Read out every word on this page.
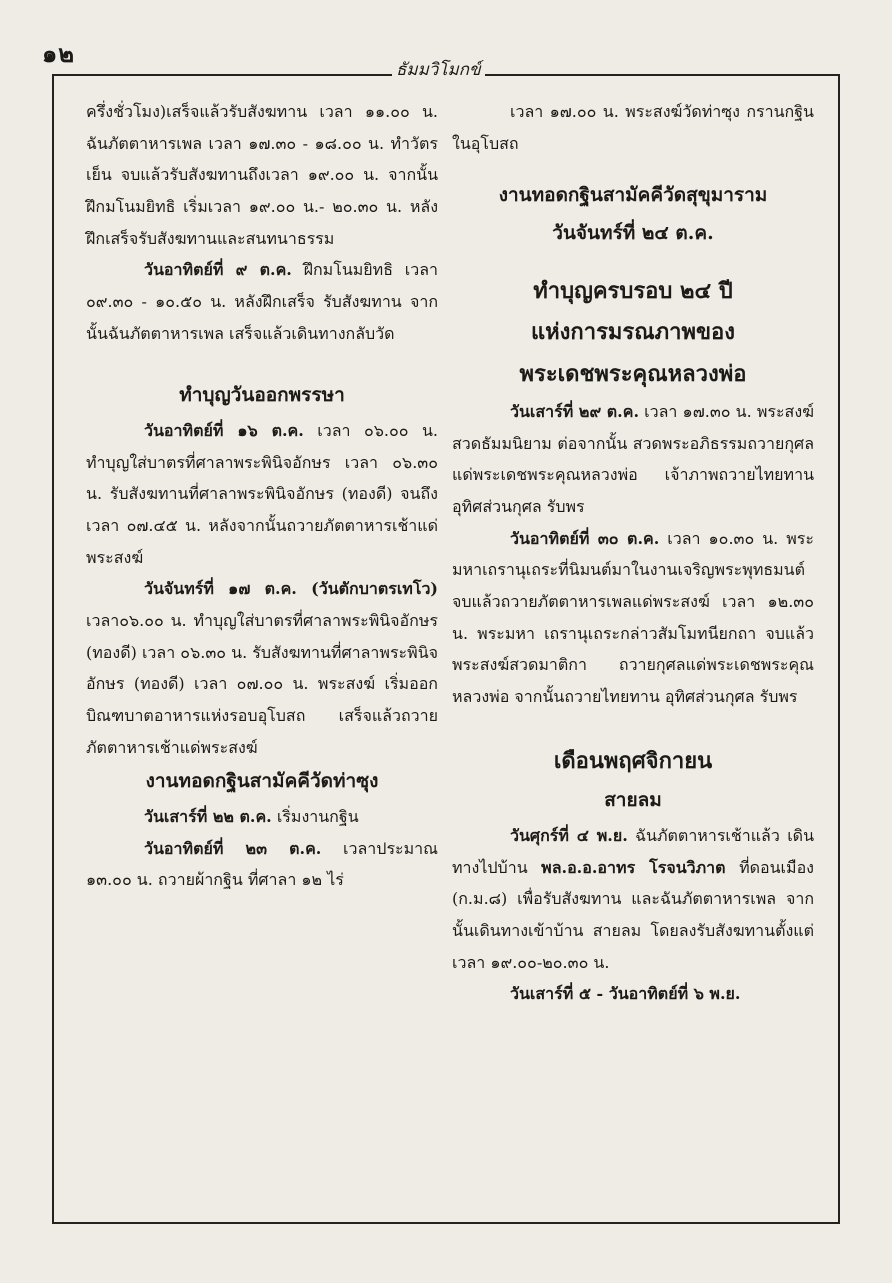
๑๒
ธัมมวิโมกข์

ครึ่งชั่วโมง)เสร็จแล้วรับสังฆทาน เวลา ๑๑.๐๐ น. ฉันภัตตาหารเพล เวลา ๑๗.๓๐ - ๑๘.๐๐ น. ทำวัตรเย็น จบแล้วรับสังฆทานถึงเวลา ๑๙.๐๐ น. จากนั้น ฝึกมโนมยิทธิ เริ่มเวลา ๑๙.๐๐ น.- ๒๐.๓๐ น. หลังฝึกเสร็จรับสังฆทานและสนทนาธรรม

วันอาทิตย์ที่ ๙ ต.ค. ฝึกมโนมยิทธิ เวลา ๐๙.๓๐ - ๑๐.๕๐ น. หลังฝึกเสร็จ รับสังฆทาน จากนั้นฉันภัตตาหารเพล เสร็จแล้วเดินทางกลับวัด

ทำบุญวันออกพรรษา

วันอาทิตย์ที่ ๑๖ ต.ค. เวลา ๐๖.๐๐ น. ทำบุญใส่บาตรที่ศาลาพระพินิจอักษร เวลา ๐๖.๓๐ น. รับสังฆทานที่ศาลาพระพินิจอักษร (ทองดี) จนถึงเวลา ๐๗.๔๕ น. หลังจากนั้นถวายภัตตาหารเช้าแด่พระสงฆ์

วันจันทร์ที่ ๑๗ ต.ค. (วันตักบาตรเทโว) เวลา๐๖.๐๐ น. ทำบุญใส่บาตรที่ศาลาพระพินิจอักษร (ทองดี) เวลา ๐๖.๓๐ น. รับสังฆทานที่ศาลาพระพินิจอักษร (ทองดี) เวลา ๐๗.๐๐ น. พระสงฆ์ เริ่มออกบิณฑบาตอาหารแห่งรอบอุโบสถ เสร็จแล้วถวายภัตตาหารเช้าแด่พระสงฆ์

งานทอดกฐินสามัคคีวัดท่าซุง

วันเสาร์ที่ ๒๒ ต.ค. เริ่มงานกฐิน

วันอาทิตย์ที่ ๒๓ ต.ค. เวลาประมาณ ๑๓.๐๐ น. ถวายผ้ากฐิน ที่ศาลา ๑๒ ไร่

เวลา ๑๗.๐๐ น. พระสงฆ์วัดท่าซุง กรานกฐินในอุโบสถ

งานทอดกฐินสามัคคีวัดสุขุมาราม

วันจันทร์ที่ ๒๔ ต.ค.

ทำบุญครบรอบ ๒๔ ปี

แห่งการมรณภาพของ

พระเดชพระคุณหลวงพ่อ

วันเสาร์ที่ ๒๙ ต.ค. เวลา ๑๗.๓๐ น. พระสงฆ์สวดธัมมนิยาม ต่อจากนั้น สวดพระอภิธรรมถวายกุศลแด่พระเดชพระคุณหลวงพ่อ เจ้าภาพถวายไทยทาน อุทิศส่วนกุศล รับพร

วันอาทิตย์ที่ ๓๐ ต.ค. เวลา ๑๐.๓๐ น. พระมหาเถรานุเถระที่นิมนต์มาในงานเจริญพระพุทธมนต์ จบแล้วถวายภัตตาหารเพลแด่พระสงฆ์ เวลา ๑๒.๓๐ น. พระมหา เถรานุเถระกล่าวสัมโมทนียกถา จบแล้วพระสงฆ์สวดมาติกา ถวายกุศลแด่พระเดชพระคุณหลวงพ่อ จากนั้นถวายไทยทาน อุทิศส่วนกุศล รับพร

เดือนพฤศจิกายน

สายลม

วันศุกร์ที่ ๔ พ.ย. ฉันภัตตาหารเช้าแล้ว เดินทางไปบ้าน พล.อ.อ.อาทร โรจนวิภาต ที่ดอนเมือง (ก.ม.๘) เพื่อรับสังฆทาน และฉันภัตตาหารเพล จากนั้นเดินทางเข้าบ้าน สายลม โดยลงรับสังฆทานตั้งแต่เวลา ๑๙.๐๐-๒๐.๓๐ น.

วันเสาร์ที่ ๕ - วันอาทิตย์ที่ ๖ พ.ย.
